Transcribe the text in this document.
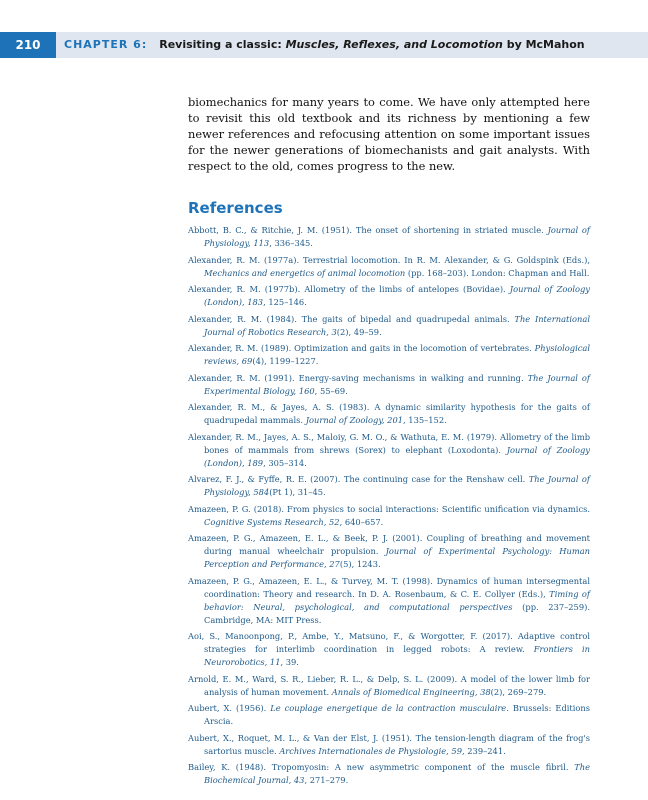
210	CHAPTER 6: Revisiting a classic: Muscles, Reflexes, and Locomotion by McMahon

biomechanics for many years to come. We have only attempted here to revisit this old textbook and its richness by mentioning a few newer references and refocusing attention on some important issues for the newer generations of biomechanists and gait analysts. With respect to the old, comes progress to the new.

References
Abbott, B. C., & Ritchie, J. M. (1951). The onset of shortening in striated muscle. Journal of Physiology, 113, 336–345.
Alexander, R. M. (1977a). Terrestrial locomotion. In R. M. Alexander, & G. Goldspink (Eds.), Mechanics and energetics of animal locomotion (pp. 168–203). London: Chapman and Hall.
Alexander, R. M. (1977b). Allometry of the limbs of antelopes (Bovidae). Journal of Zoology (London), 183, 125–146.
Alexander, R. M. (1984). The gaits of bipedal and quadrupedal animals. The International Journal of Robotics Research, 3(2), 49–59.
Alexander, R. M. (1989). Optimization and gaits in the locomotion of vertebrates. Physiological reviews, 69(4), 1199–1227.
Alexander, R. M. (1991). Energy-saving mechanisms in walking and running. The Journal of Experimental Biology, 160, 55–69.
Alexander, R. M., & Jayes, A. S. (1983). A dynamic similarity hypothesis for the gaits of quadrupedal mammals. Journal of Zoology, 201, 135–152.
Alexander, R. M., Jayes, A. S., Maloiy, G. M. O., & Wathuta, E. M. (1979). Allometry of the limb bones of mammals from shrews (Sorex) to elephant (Loxodonta). Journal of Zoology (London), 189, 305–314.
Alvarez, F. J., & Fyffe, R. E. (2007). The continuing case for the Renshaw cell. The Journal of Physiology, 584(Pt 1), 31–45.
Amazeen, P. G. (2018). From physics to social interactions: Scientific unification via dynamics. Cognitive Systems Research, 52, 640–657.
Amazeen, P. G., Amazeen, E. L., & Beek, P. J. (2001). Coupling of breathing and movement during manual wheelchair propulsion. Journal of Experimental Psychology: Human Perception and Performance, 27(5), 1243.
Amazeen, P. G., Amazeen, E. L., & Turvey, M. T. (1998). Dynamics of human intersegmental coordination: Theory and research. In D. A. Rosenbaum, & C. E. Collyer (Eds.), Timing of behavior: Neural, psychological, and computational perspectives (pp. 237–259). Cambridge, MA: MIT Press.
Aoi, S., Manoonpong, P., Ambe, Y., Matsuno, F., & Worgotter, F. (2017). Adaptive control strategies for interlimb coordination in legged robots: A review. Frontiers in Neurorobotics, 11, 39.
Arnold, E. M., Ward, S. R., Lieber, R. L., & Delp, S. L. (2009). A model of the lower limb for analysis of human movement. Annals of Biomedical Engineering, 38(2), 269–279.
Aubert, X. (1956). Le couplage energetique de la contraction musculaire. Brussels: Editions Arscia.
Aubert, X., Roquet, M. L., & Van der Elst, J. (1951). The tension-length diagram of the frog's sartorius muscle. Archives Internationales de Physiologie, 59, 239–241.
Bailey, K. (1948). Tropomyosin: A new asymmetric component of the muscle fibril. The Biochemical Journal, 43, 271–279.
